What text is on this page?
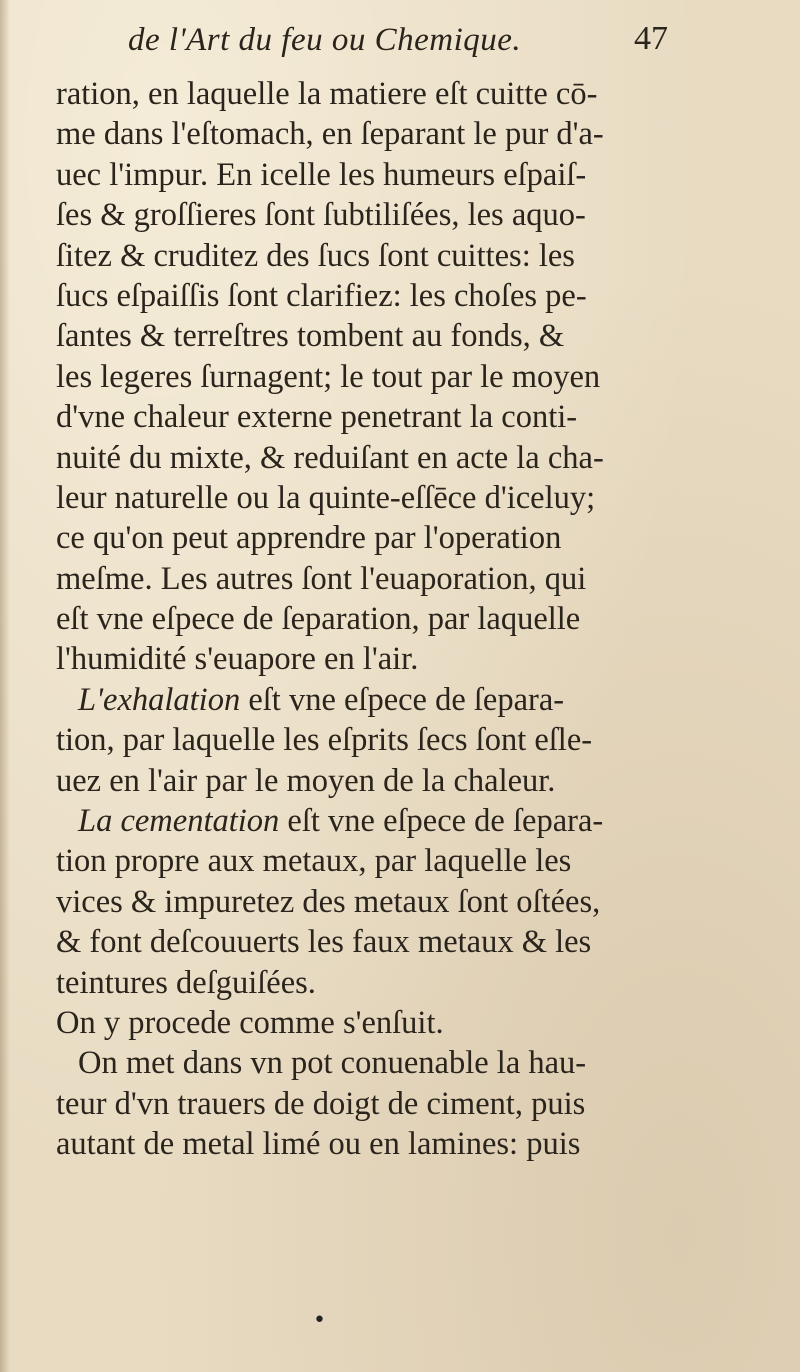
de l'Art du feu ou Chemique.	47
ration, en laquelle la matiere eſt cuitte cō-
me dans l'eſtomach, en ſeparant le pur d'a-
uec l'impur. En icelle les humeurs eſpaiſ-
ſes & groſſieres ſont ſubtiliſées, les aquo-
ſitez & cruditez des ſucs ſont cuittes: les
ſucs eſpaiſſis ſont clarifiez: les choſes pe-
ſantes & terreſtres tombent au fonds, &
les legeres ſurnagent; le tout par le moyen
d'vne chaleur externe penetrant la conti-
nuité du mixte, & reduiſant en acte la cha-
leur naturelle ou la quinte-eſſēce d'iceluy;
ce qu'on peut apprendre par l'operation
meſme. Les autres ſont l'euaporation, qui
eſt vne eſpece de ſeparation, par laquelle
l'humidité s'euapore en l'air.
L'exhalation eſt vne eſpece de ſepara-
tion, par laquelle les eſprits ſecs ſont eſle-
uez en l'air par le moyen de la chaleur.
La cementation eſt vne eſpece de ſepara-
tion propre aux metaux, par laquelle les
vices & impuretez des metaux ſont oſtées,
& font deſcouuerts les faux metaux & les
teintures deſguiſées.
On y procede comme s'enſuit.
On met dans vn pot conuenable la hau-
teur d'vn trauers de doigt de ciment, puis
autant de metal limé ou en lamines: puis
•
